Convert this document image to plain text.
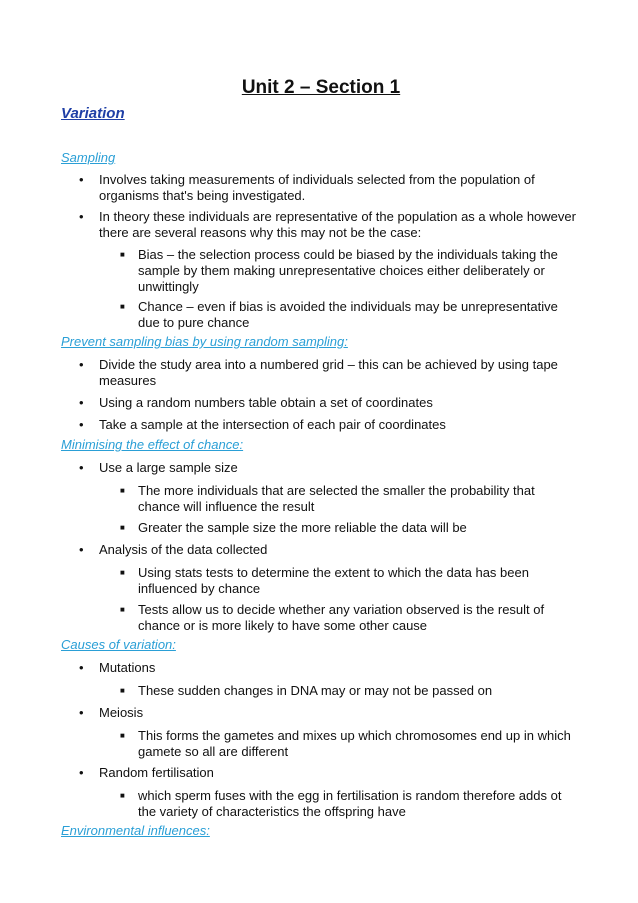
Unit 2 – Section 1
Variation
Sampling
• Involves taking measurements of individuals selected from the population of organisms that's being investigated.
• In theory these individuals are representative of the population as a whole however there are several reasons why this may not be the case:
■ Bias – the selection process could be biased by the individuals taking the sample by them making unrepresentative choices either deliberately or unwittingly
■ Chance – even if bias is avoided the individuals may be unrepresentative due to pure chance
Prevent sampling bias by using random sampling:
• Divide the study area into a numbered grid – this can be achieved by using tape measures
• Using a random numbers table obtain a set of coordinates
• Take a sample at the intersection of each pair of coordinates
Minimising the effect of chance:
• Use a large sample size
■ The more individuals that are selected the smaller the probability that chance will influence the result
■ Greater the sample size the more reliable the data will be
• Analysis of the data collected
■ Using stats tests to determine the extent to which the data has been influenced by chance
■ Tests allow us to decide whether any variation observed is the result of chance or is more likely to have some other cause
Causes of variation:
• Mutations
■ These sudden changes in DNA may or may not be passed on
• Meiosis
■ This forms the gametes and mixes up which chromosomes end up in which gamete so all are different
• Random fertilisation
■ which sperm fuses with the egg in fertilisation is random therefore adds ot the variety of characteristics the offspring have
Environmental influences:
